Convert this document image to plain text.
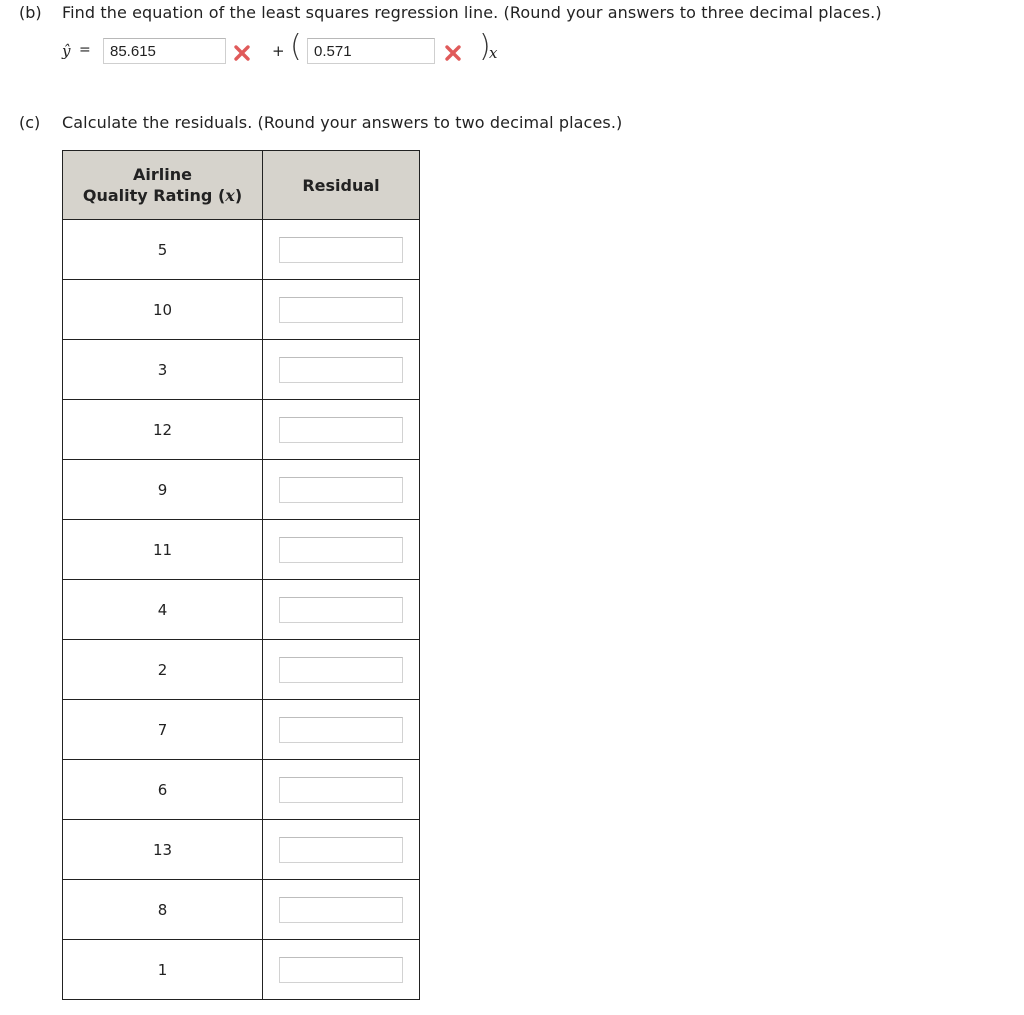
(b) Find the equation of the least squares regression line. (Round your answers to three decimal places.)
ŷ =
85.615	+ (
0.571	)
x
(c) Calculate the residuals. (Round your answers to two decimal places.)
Airline
Quality Rating (x)	Residual
5	
10	
3	
12	
9	
11	
4	
2	
7	
6	
13	
8	
1	
